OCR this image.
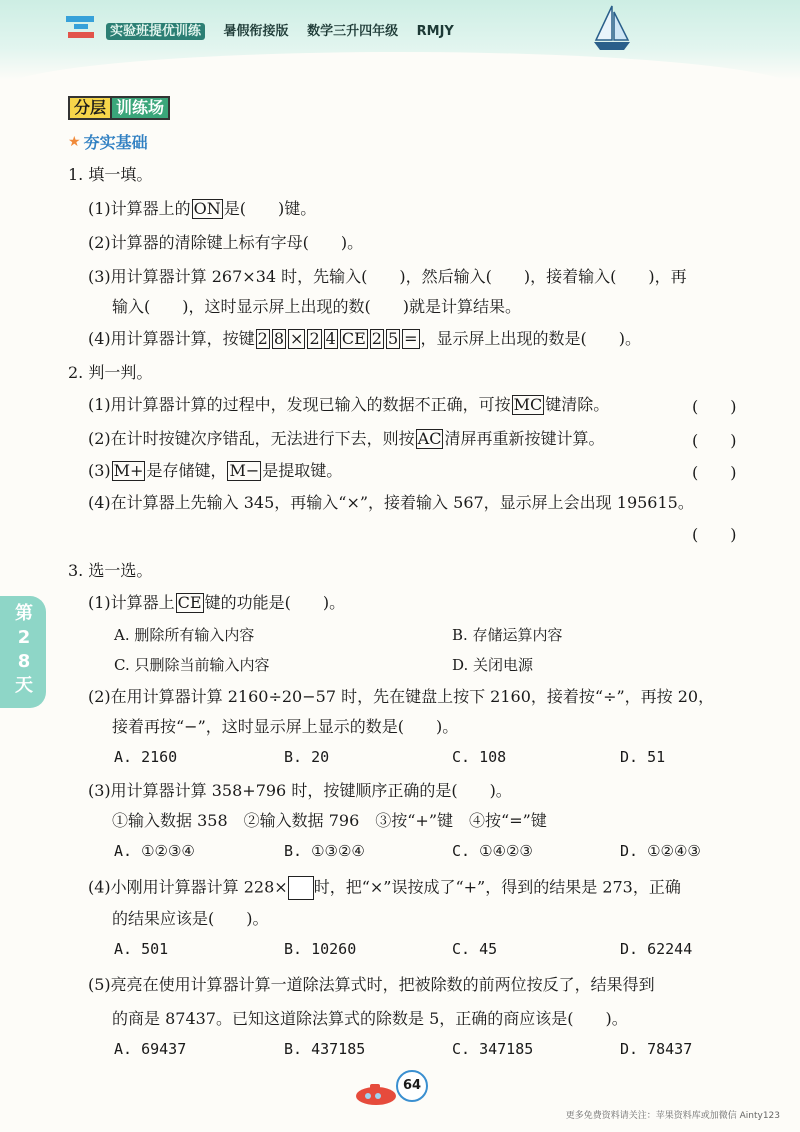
实验班提优训练 暑假衔接版 数学三升四年级 RMJY
分层 训练场
★ 夯实基础
1. 填一填。
(1)计算器上的 ON 是(　　)键。
(2)计算器的清除键上标有字母(　　)。
(3)用计算器计算 267×34 时，先输入(　　)，然后输入(　　)，接着输入(　　)，再
输入(　　)，这时显示屏上出现的数(　　)就是计算结果。
(4)用计算器计算，按键 2 8 × 2 4 CE 2 5 = ，显示屏上出现的数是(　　)。
2. 判一判。
(1)用计算器计算的过程中，发现已输入的数据不正确，可按 MC 键清除。	(　　)
(2)在计时按键次序错乱，无法进行下去，则按 AC 清屏再重新按键计算。	(　　)
(3) M+ 是存储键， M− 是提取键。	(　　)
(4)在计算器上先输入 345，再输入“×”，接着输入 567，显示屏上会出现 195615。
(　　)
3. 选一选。
(1)计算器上 CE 键的功能是(　　)。
A. 删除所有输入内容	B. 存储运算内容
C. 只删除当前输入内容	D. 关闭电源
(2)在用计算器计算 2160÷20−57 时，先在键盘上按下 2160，接着按“÷”，再按 20，
接着再按“−”，这时显示屏上显示的数是(　　)。
A. 2160	B. 20	C. 108	D. 51
(3)用计算器计算 358+796 时，按键顺序正确的是(　　)。
①输入数据 358　②输入数据 796　③按“+”键　④按“=”键
A. ①②③④	B. ①③②④	C. ①④②③	D. ①②④③
(4)小刚用计算器计算 228× 时，把“×”误按成了“+”，得到的结果是 273，正确
的结果应该是(　　)。
A. 501	B. 10260	C. 45	D. 62244
(5)亮亮在使用计算器计算一道除法算式时，把被除数的前两位按反了，结果得到
的商是 87437。已知这道除法算式的除数是 5，正确的商应该是(　　)。
A. 69437	B. 437185	C. 347185	D. 78437
第28天
64
更多免费资料请关注：苹果资料库或加微信 Ainty123
